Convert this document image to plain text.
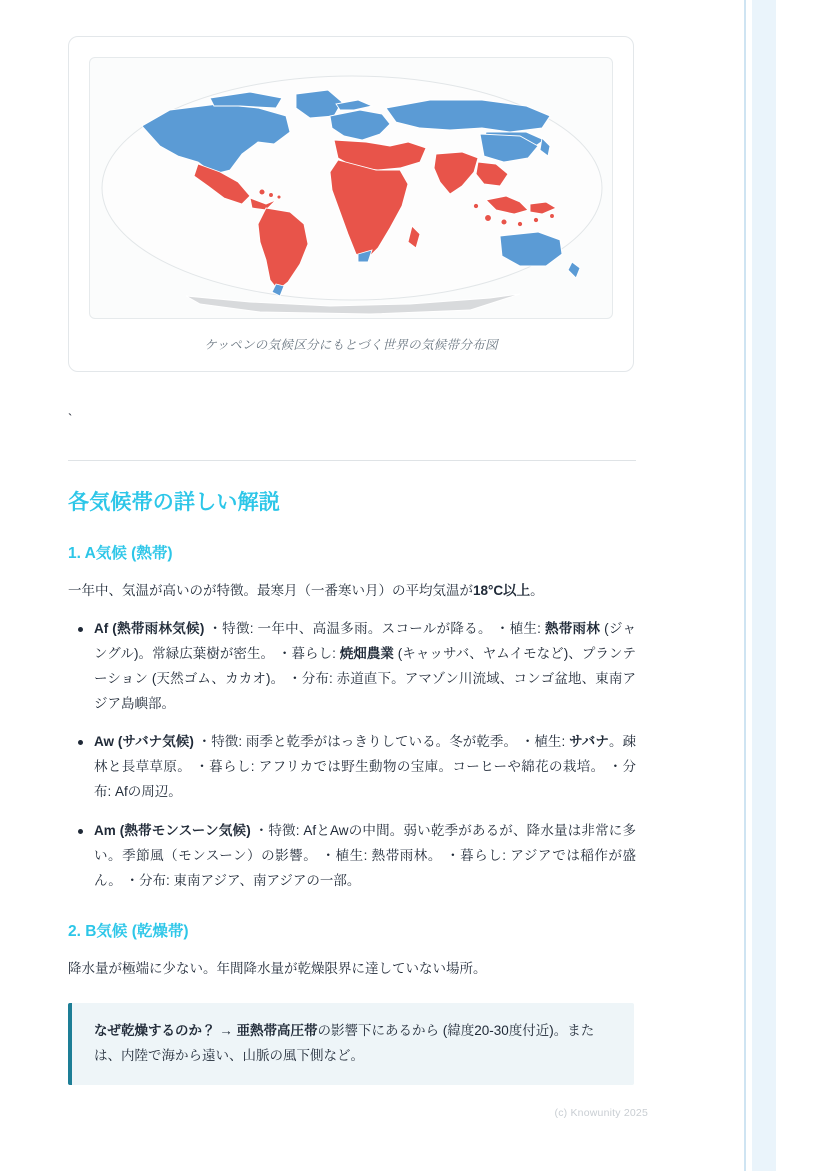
ケッペンの気候区分にもとづく世界の気候帯分布図
`
各気候帯の詳しい解説
1. A気候 (熱帯)

一年中、気温が高いのが特徴。最寒月（一番寒い月）の平均気温が18°C以上。

Af (熱帯雨林気候) ・特徴: 一年中、高温多雨。スコールが降る。 ・植生: 熱帯雨林 (ジャングル)。常緑広葉樹が密生。 ・暮らし: 焼畑農業 (キャッサバ、ヤムイモなど)、プランテーション (天然ゴム、カカオ)。 ・分布: 赤道直下。アマゾン川流域、コンゴ盆地、東南アジア島嶼部。
Aw (サバナ気候) ・特徴: 雨季と乾季がはっきりしている。冬が乾季。 ・植生: サバナ。疎林と長草草原。 ・暮らし: アフリカでは野生動物の宝庫。コーヒーや綿花の栽培。 ・分布: Afの周辺。
Am (熱帯モンスーン気候) ・特徴: AfとAwの中間。弱い乾季があるが、降水量は非常に多い。季節風（モンスーン）の影響。 ・植生: 熱帯雨林。 ・暮らし: アジアでは稲作が盛ん。 ・分布: 東南アジア、南アジアの一部。
2. B気候 (乾燥帯)

降水量が極端に少ない。年間降水量が乾燥限界に達していない場所。

なぜ乾燥するのか？ → 亜熱帯高圧帯の影響下にあるから (緯度20-30度付近)。または、内陸で海から遠い、山脈の風下側など。

(c) Knowunity 2025
